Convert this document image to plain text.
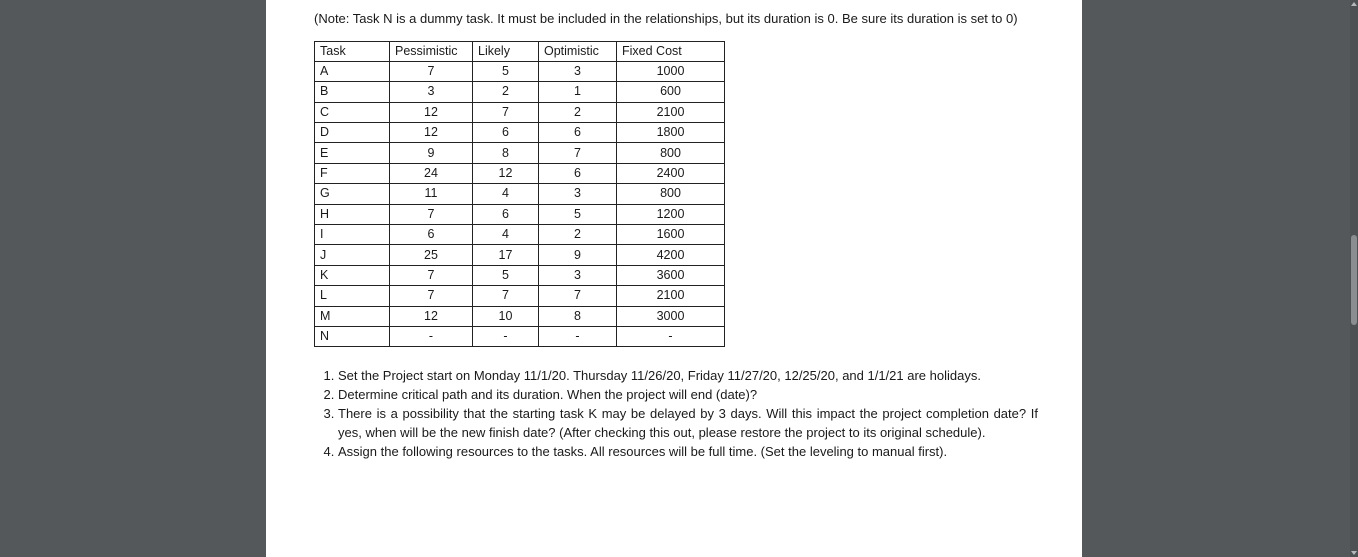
(Note: Task N is a dummy task. It must be included in the relationships, but its duration is 0. Be sure its duration is set to 0)

Task	Pessimistic	Likely	Optimistic	Fixed Cost
A	7	5	3	1000
B	3	2	1	600
C	12	7	2	2100
D	12	6	6	1800
E	9	8	7	800
F	24	12	6	2400
G	11	4	3	800
H	7	6	5	1200
I	6	4	2	1600
J	25	17	9	4200
K	7	5	3	3600
L	7	7	7	2100
M	12	10	8	3000
N	-	-	-	-
1. Set the Project start on Monday 11/1/20. Thursday 11/26/20, Friday 11/27/20, 12/25/20, and 1/1/21 are holidays.
2. Determine critical path and its duration. When the project will end (date)?
3. There is a possibility that the starting task K may be delayed by 3 days. Will this impact the project completion date? If yes, when will be the new finish date? (After checking this out, please restore the project to its original schedule).
4. Assign the following resources to the tasks. All resources will be full time. (Set the leveling to manual first).
